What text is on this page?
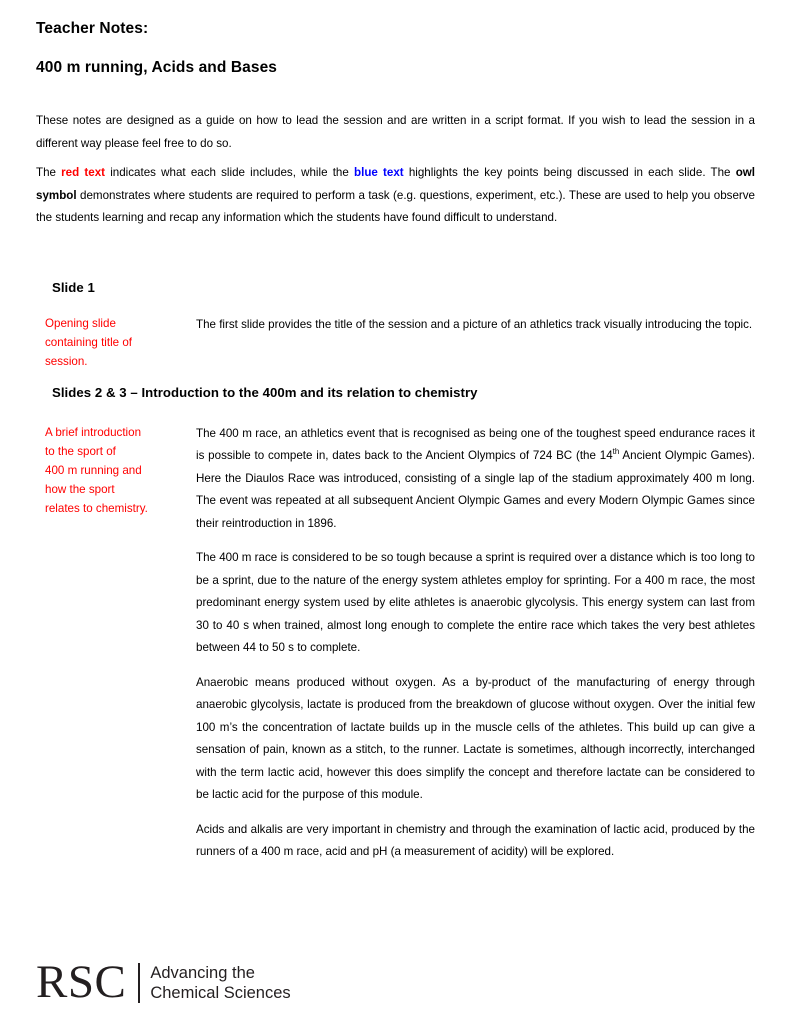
Teacher Notes:
400 m running, Acids and Bases

These notes are designed as a guide on how to lead the session and are written in a script format. If you wish to lead the session in a different way please feel free to do so.

The red text indicates what each slide includes, while the blue text highlights the key points being discussed in each slide. The owl symbol demonstrates where students are required to perform a task (e.g. questions, experiment, etc.). These are used to help you observe the students learning and recap any information which the students have found difficult to understand.

Slide 1
Opening slide
containing title of
session.

The first slide provides the title of the session and a picture of an athletics track visually introducing the topic.

Slides 2 & 3 – Introduction to the 400m and its relation to chemistry
A brief introduction
to the sport of
400 m running and
how the sport
relates to chemistry.

The 400 m race, an athletics event that is recognised as being one of the toughest speed endurance races it is possible to compete in, dates back to the Ancient Olympics of 724 BC (the 14th Ancient Olympic Games). Here the Diaulos Race was introduced, consisting of a single lap of the stadium approximately 400 m long. The event was repeated at all subsequent Ancient Olympic Games and every Modern Olympic Games since their reintroduction in 1896.

The 400 m race is considered to be so tough because a sprint is required over a distance which is too long to be a sprint, due to the nature of the energy system athletes employ for sprinting. For a 400 m race, the most predominant energy system used by elite athletes is anaerobic glycolysis. This energy system can last from 30 to 40 s when trained, almost long enough to complete the entire race which takes the very best athletes between 44 to 50 s to complete.

Anaerobic means produced without oxygen. As a by-product of the manufacturing of energy through anaerobic glycolysis, lactate is produced from the breakdown of glucose without oxygen. Over the initial few 100 m’s the concentration of lactate builds up in the muscle cells of the athletes. This build up can give a sensation of pain, known as a stitch, to the runner. Lactate is sometimes, although incorrectly, interchanged with the term lactic acid, however this does simplify the concept and therefore lactate can be considered to be lactic acid for the purpose of this module.

Acids and alkalis are very important in chemistry and through the examination of lactic acid, produced by the runners of a 400 m race, acid and pH (a measurement of acidity) will be explored.

RSC Advancing the
Chemical Sciences
